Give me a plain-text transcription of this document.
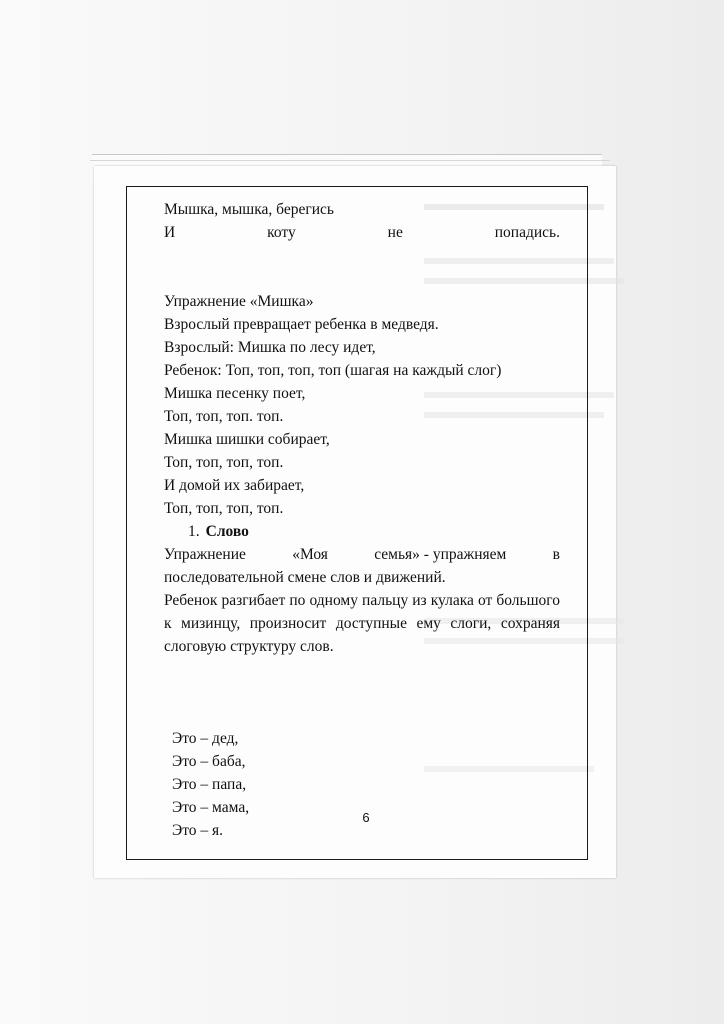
Мышка, мышка, берегись
И	коту	не	попадись.
Упражнение «Мишка»
Взрослый превращает ребенка в медведя.
Взрослый: Мишка по лесу идет,
Ребенок: Топ, топ, топ, топ (шагая на каждый слог)
Мишка песенку поет,
Топ, топ, топ. топ.
Мишка шишки собирает,
Топ, топ, топ, топ.
И домой их забирает,
Топ, топ, топ, топ.
1. Слово
Упражнение	«Моя	семья» - упражняем	в
последовательной смене слов и движений.
Ребенок разгибает по одному пальцу из кулака от большого к мизинцу, произносит доступные ему слоги, сохраняя слоговую структуру слов.
Это – дед,
Это – баба,
Это – папа,
Это – мама,
Это – я.
6
